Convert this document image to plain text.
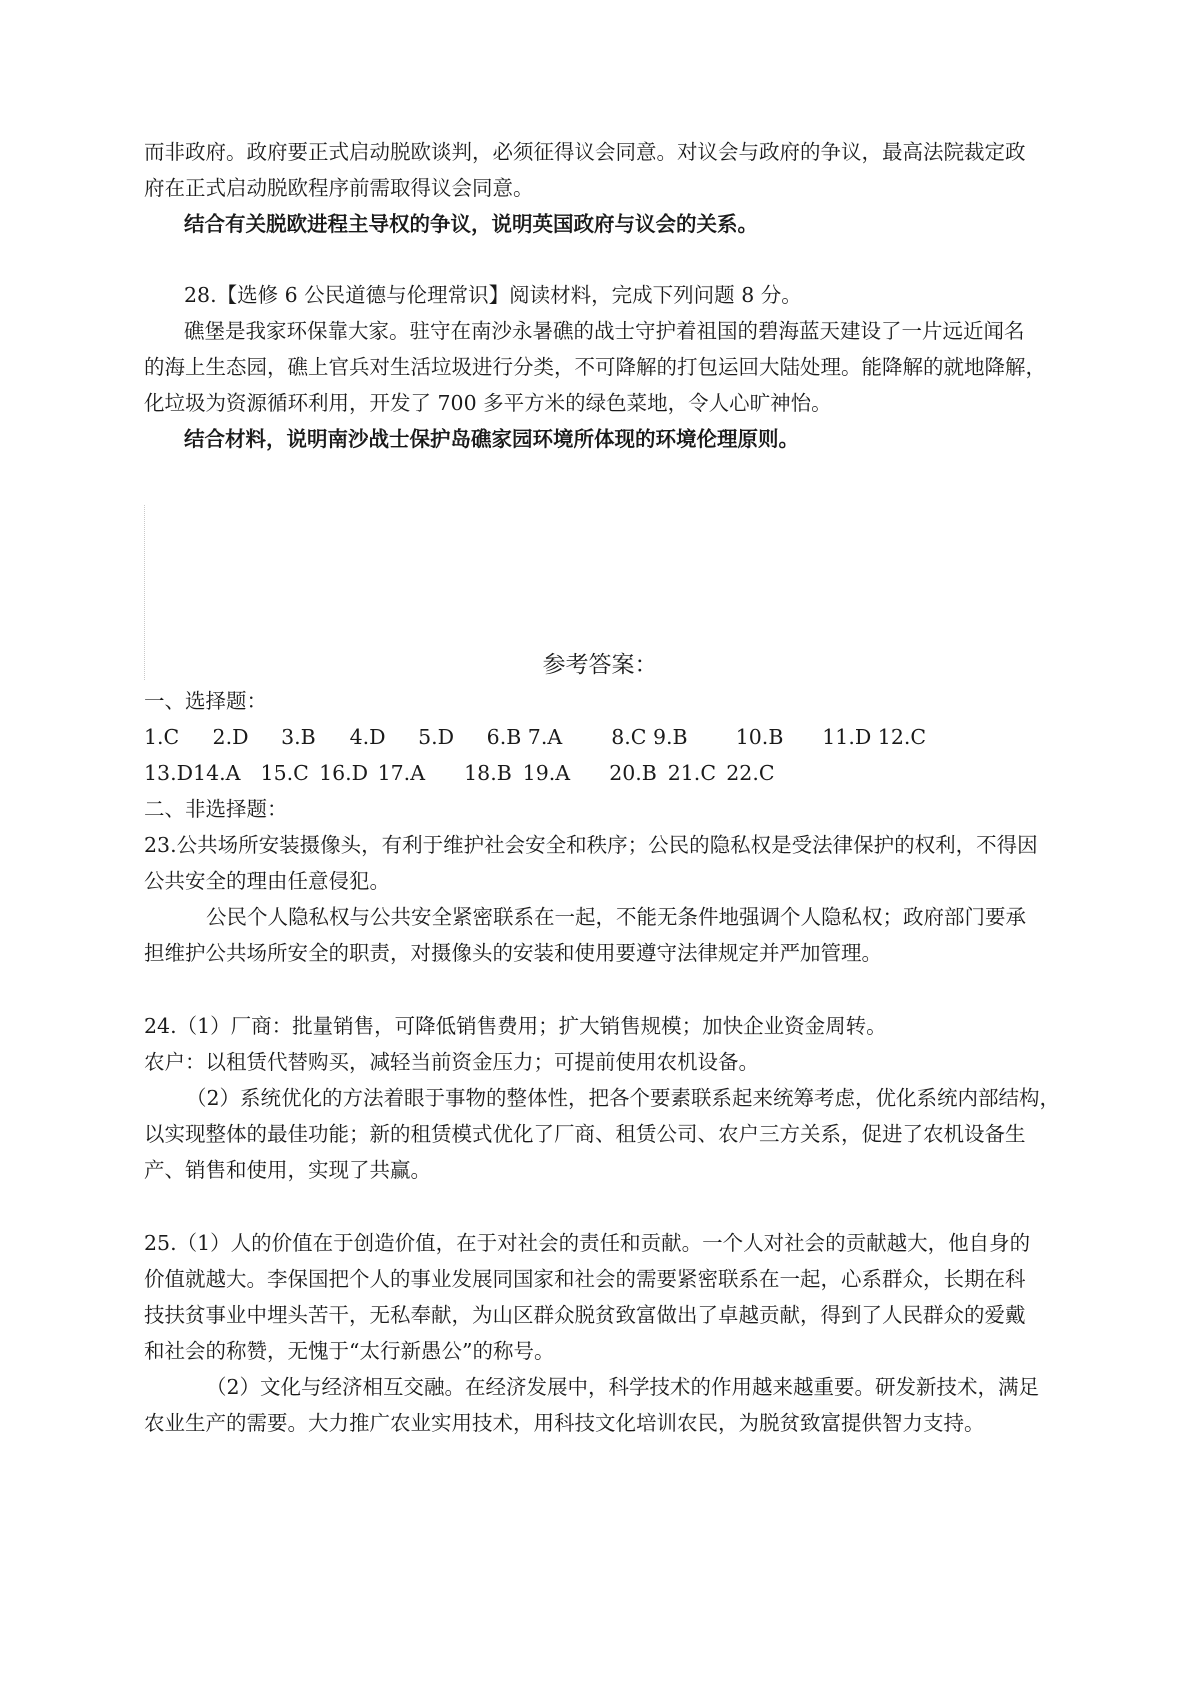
而非政府。政府要正式启动脱欧谈判，必须征得议会同意。对议会与政府的争议，最高法院裁定政
府在正式启动脱欧程序前需取得议会同意。
结合有关脱欧进程主导权的争议，说明英国政府与议会的关系。
28.【选修 6 公民道德与伦理常识】阅读材料，完成下列问题 8 分。
礁堡是我家环保靠大家。驻守在南沙永暑礁的战士守护着祖国的碧海蓝天建设了一片远近闻名
的海上生态园，礁上官兵对生活垃圾进行分类，不可降解的打包运回大陆处理。能降解的就地降解，
化垃圾为资源循环利用，开发了 700 多平方米的绿色菜地，令人心旷神怡。
结合材料，说明南沙战士保护岛礁家园环境所体现的环境伦理原则。
参考答案：
一、选择题：
1.C 2.D 3.B 4.D 5.D 6.B 7.A 8.C 9.B 10.B 11.D 12.C
13.D14.A 15.C 16.D 17.A 18.B 19.A 20.B 21.C 22.C
二、非选择题：
23.公共场所安装摄像头，有利于维护社会安全和秩序；公民的隐私权是受法律保护的权利，不得因
公共安全的理由任意侵犯。
公民个人隐私权与公共安全紧密联系在一起，不能无条件地强调个人隐私权；政府部门要承
担维护公共场所安全的职责，对摄像头的安装和使用要遵守法律规定并严加管理。
24.（1）厂商：批量销售，可降低销售费用；扩大销售规模；加快企业资金周转。
农户：以租赁代替购买，减轻当前资金压力；可提前使用农机设备。
（2）系统优化的方法着眼于事物的整体性，把各个要素联系起来统筹考虑，优化系统内部结构，
以实现整体的最佳功能；新的租赁模式优化了厂商、租赁公司、农户三方关系，促进了农机设备生
产、销售和使用，实现了共赢。
25.（1）人的价值在于创造价值，在于对社会的责任和贡献。一个人对社会的贡献越大，他自身的
价值就越大。李保国把个人的事业发展同国家和社会的需要紧密联系在一起，心系群众，长期在科
技扶贫事业中埋头苦干，无私奉献，为山区群众脱贫致富做出了卓越贡献，得到了人民群众的爱戴
和社会的称赞，无愧于“太行新愚公”的称号。
（2）文化与经济相互交融。在经济发展中，科学技术的作用越来越重要。研发新技术，满足
农业生产的需要。大力推广农业实用技术，用科技文化培训农民，为脱贫致富提供智力支持。
